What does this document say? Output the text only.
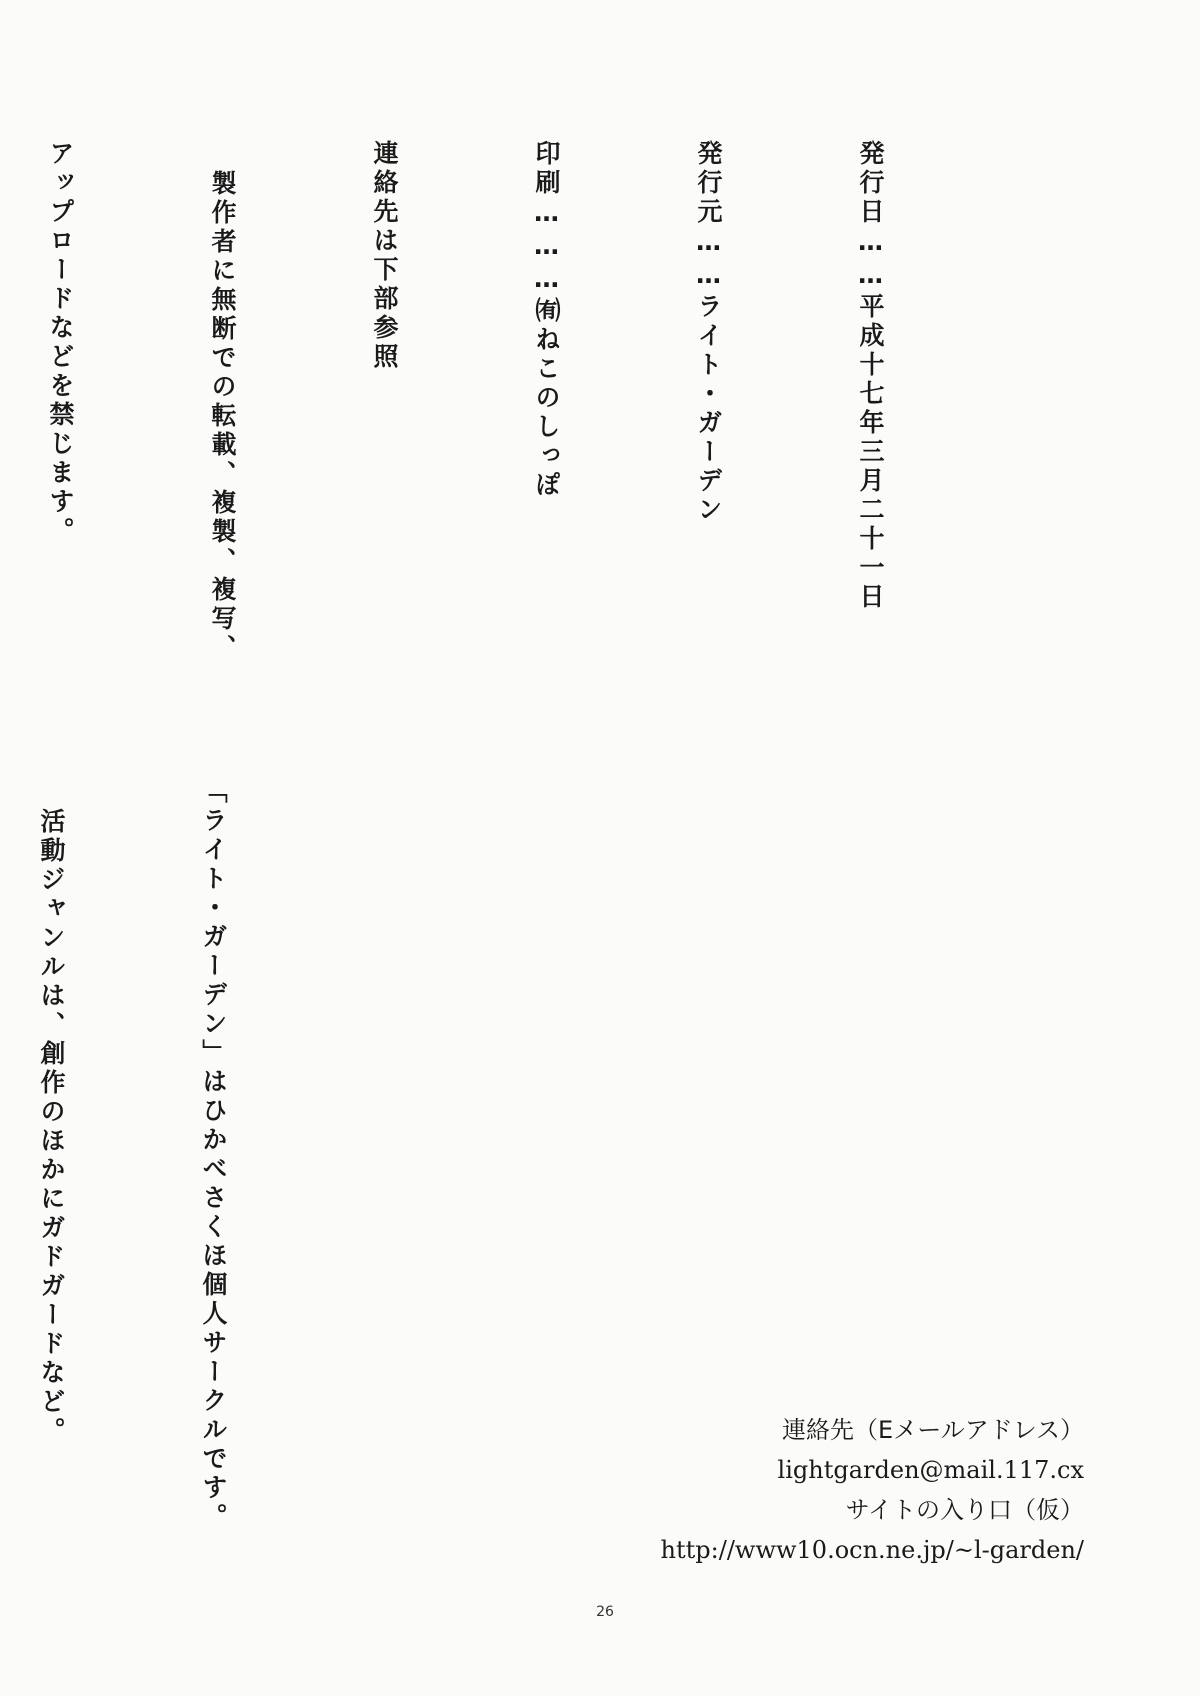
発行日……平成十七年三月二十一日

発行元……ライト・ガーデン

印刷………㈲ねこのしっぽ

連絡先は下部参照

製作者に無断での転載、複製、複写、

アップロードなどを禁じます。

「ライト・ガーデン」はひかべさくほ個人サークルです。

活動ジャンルは、創作のほかにガドガードなど。

	連絡先（Eメールアドレス）
lightgarden@mail.117.cx
サイトの入り口（仮）
http://www10.ocn.ne.jp/~l-garden/
26
